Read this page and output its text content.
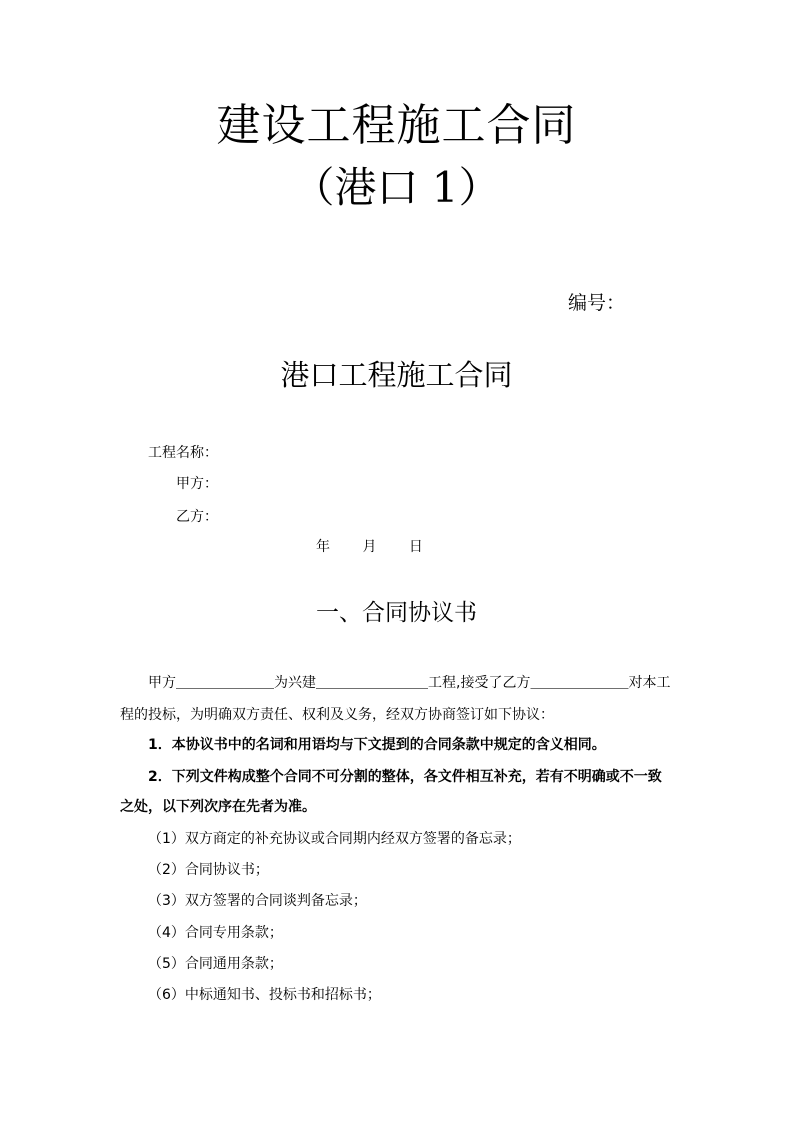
建设工程施工合同
（港口 1）
编号：
港口工程施工合同
工程名称：
甲方：
乙方：
年 月 日
一、合同协议书
甲方＿＿＿＿＿＿＿为兴建＿＿＿＿＿＿＿＿工程,接受了乙方＿＿＿＿＿＿＿对本工
程的投标，为明确双方责任、权利及义务，经双方协商签订如下协议：
1．本协议书中的名词和用语均与下文提到的合同条款中规定的含义相同。
2．下列文件构成整个合同不可分割的整体，各文件相互补充，若有不明确或不一致
之处，以下列次序在先者为准。
（1）双方商定的补充协议或合同期内经双方签署的备忘录；
（2）合同协议书；
（3）双方签署的合同谈判备忘录；
（4）合同专用条款；
（5）合同通用条款；
（6）中标通知书、投标书和招标书；
